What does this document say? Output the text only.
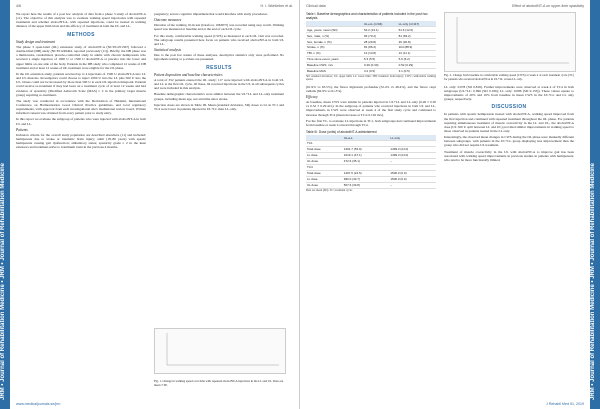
JRM • Journal of Rehabilitation Medicine • JRM • Journal of Rehabilitation Medicine
4/8	H. I. Wohlleber et al.

We report here the results of a post hoc analysis of data from a phase 3 study of abobotNT-A (11). The objective of this analysis was to evaluate walking speed trajectories with repeated treatments and whether abobotNT-A, with repeated injections, could be treated in walking distance of the upper limb trials and the efficacy of treatment in both the UL and LL.

METHODS
Study design and treatment

The phase 3 open-label (OL) extension study of abobotNT-A (NCT01251367) followed a double-blind (DB) study (NCT01249404, reported previously (11)). Briefly, the DB phase was a multicentre, randomized, placebo-controlled study in adults with chronic hemiparesis who received a single injection of 1000 U or 1500 U abobotNT-A or placebo into the lower and upper limbs on one side of the body. Patients in the DB study who completed 12 weeks of DB treatment and at least 12 weeks of OL treatment were eligible for the OL phase.

In the OL extension study, patients received up to 4 injections of 1500 U abobotNT-A into LL and UL muscles. Investigators could choose to inject 1000 U into the LL plus 500 U into the UL. Doses could not be increased by more than 500 U at each OL injection timepoint. Patients could receive re-treatment if they had been on a treatment cycle of at least 12 weeks and had evidence of spasticity (Modified Ashworth Scale (MAS) ≥ 2 in the primary target muscle group) requiring re-treatment.

The study was conducted in accordance with the Declaration of Helsinki, International Conference on Harmonisation Good Clinical Practice guidelines, and local regulatory requirements, with approval from each investigational site's institutional review board. Written informed consent was obtained from every patient prior to study entry.

In this report we evaluate the subgroup of patients who were injected with abobotNT-A in both UL and LL.

Patients

Inclusion criteria for the overall study population are described elsewhere (11) and included: hemiparesis due to stroke or traumatic brain injury; adult (18–80 years) with spastic hemiparesis causing gait dysfunction; ambulatory status; spasticity grade ≥ 2 in the knee extensors and treatment-naïve to botulinum toxin in the previous 4 months.

pregnancy; severe cognitive impairment that would interfere with study procedures.

Outcome measures

Duration of the walking 10-m test (barefoot, 10MWT) was recorded using stop watch. Walking speed was measured at baseline and at the end of each OL cycle.

For this study, comfortable walking speed (CWS) as measured at each OL visit was recorded. The subgroup results presented here focus on patients who received abobotNT-A in both UL and LL.

Statistical analysis

Due to the post hoc nature of these analyses, descriptive statistics only were performed. No hypothesis testing or p-values are presented.

RESULTS
Patient disposition and baseline characteristics

A total of 352 patients entered the OL study; 117 were injected with abobotNT-A in both UL and LL at the first OL cycle. Of these, 94 received injections in the UL in all subsequent cycles and were included in this analysis.

Baseline demographic characteristics were similar between the UL+LL and LL-only treatment groups, including mean age, sex and time since stroke.

Injection doses are shown in Table III. Mean (standard deviation, SD) doses to LL in TC1 and TC4 were lower in patients injected in UL+LL than LL-only.

Fig. 1. Change in walking speed over time with repeated abobotNT-A injections in the LL and UL. Data are mean ± SE.
www.medicaljournals.se/jrm
Clinical data	Effect of abobotNT-A on upper-limb spasticity
Table I. Baseline demographics and characteristics of patients included in the post hoc analysis
	UL+LL (n=94)	LL only (n=117)
Age, years, mean (SD)	52.2 (13.1)	51.6 (12.6)
Sex, male, n (%)	66 (70.2)	81 (69.2)
Sex, female, n (%)	28 (29.8)	36 (30.8)
Stroke, n (%)	81 (86.2)	104 (88.9)
TBI, n (%)	13 (13.8)	13 (11.1)
Time since event, years	5.3 (5.5)	5.6 (6.2)
Baseline CWS, m/s	0.49 (0.30)	0.52 (0.29)
Baseline MAS	3.2 (0.5)	3.1 (0.5)
SD: standard deviation; UL: upper limb; LL: lower limb; TBI: traumatic brain injury; CWS: comfortable walking speed.

(61.9% vs 63.5%), the flexor digitorum profundus (52.4% vs 48.4%), and the flexor carpi radialis (62.9% vs 61.3%).

Efficacy

At baseline, mean CWS were similar in patients injected in UL+LL and LL-only (0.49 ± 0.30 vs 0.52 ± 0.29 m/s). In the subgroup of patients who received injections in both UL and LL, improvements in CWS were observed at week 4 of the first study cycle and continued to increase through TC4 (mean increase at TC4: 0.102 m/s).

For the first TC, to evaluate LL injections in TC1, both subgroups had continued improvements from baseline at week 4 onward through TC4.

Table III. Dose (units) of abobotNT-A administered
	UL+LL	LL only
TC1		
Total dose	1491.7 (53.9)	1499.3 (24.0)
LL dose	1019.1 (47.1)	1499.3 (24.0)
UL dose	472.6 (35.1)	–
TC4		
Total dose	1497.6 (24.5)	1500.0 (0.0)
LL dose	990.0 (43.7)	1500.0 (0.0)
UL dose	507.6 (33.8)	–
Data are mean (SD). TC: treatment cycle.
Fig. 2. Change from baseline in comfortable walking speed (CWS) at week 4 of each treatment cycle (TC) for patients who received abobotNT-A in UL+LL versus LL only.

LL only: 0.078 (SD 0.816). Further improvements were observed at week 4 of TC4 in both subgroups (UL+LL: 0.096 (SD 0.166); LL only: 0.086 (SD 0.133)). These values equate to improvements of 20% and 16% from baseline in mean CWS in the UL+LL and LL only groups, respectively.

DISCUSSION

In patients with spastic hemiparesis treated with abobotNT-A, walking speed improved from the first injection and continued with repeated treatment throughout the OL phase. For patients requiring simultaneous treatment of muscle overactivity in the LL and UL, the abobotNT-A dose (UL 500 U split between LL and UL) provided similar improvements in walking speed to those observed in patients treated in the LL only.

Interestingly, the observed mean changes in CWS during the OL phase were markedly different between subgroups, with patients in the UL+LL group displaying less improvement than the group who did not require UL treatment.

Treatment of muscle overactivity in the UL with abobotNT-A to improve gait has been associated with walking speed improvements in previous studies in patients with hemiparesis, who tend to be more functionally limited.

J Rehabil Med 51, 2019
JRM • Journal of Rehabilitation Medicine • JRM • Journal of Rehabilitation Medicine
